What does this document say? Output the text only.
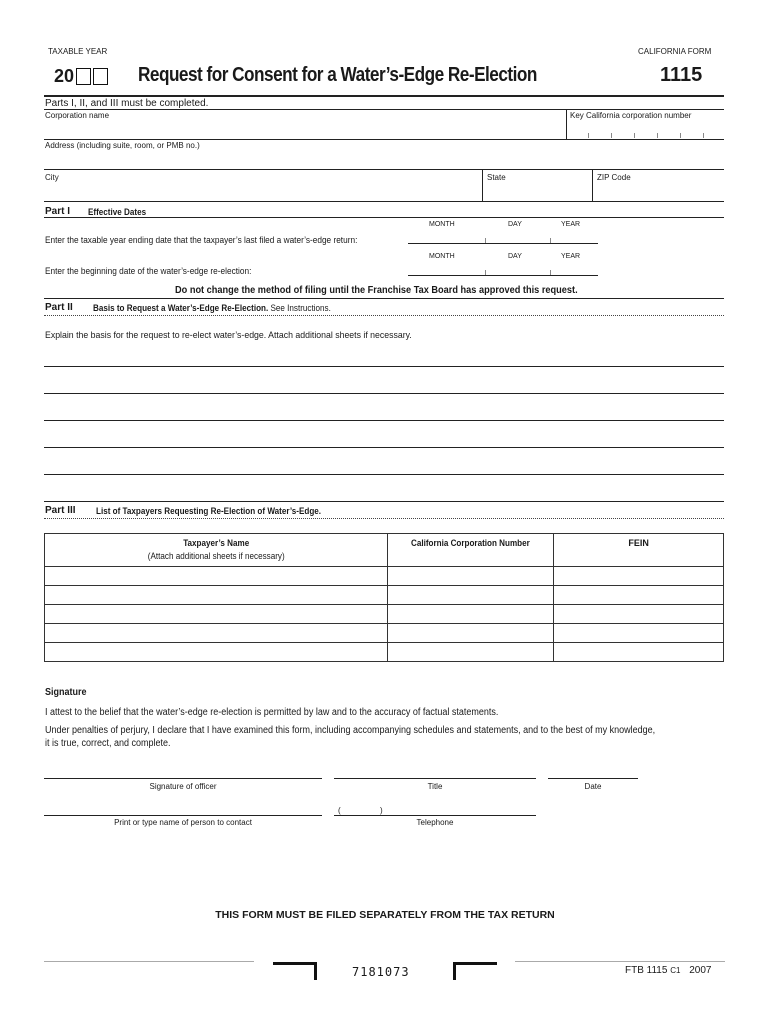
TAXABLE YEAR	CALIFORNIA FORM
20	Request for Consent for a Water’s-Edge Re-Election	1115
Parts I, II, and III must be completed.
Corporation name	Key California corporation number
Address (including suite, room, or PMB no.)
City	State	ZIP Code
Part I Effective Dates
MONTH	DAY	YEAR
Enter the taxable year ending date that the taxpayer’s last filed a water’s-edge return:
MONTH	DAY	YEAR
Enter the beginning date of the water’s-edge re-election:
Do not change the method of filing until the Franchise Tax Board has approved this request.
Part II Basis to Request a Water’s-Edge Re-Election. See Instructions.
Explain the basis for the request to re-elect water’s-edge. Attach additional sheets if necessary.
Part III List of Taxpayers Requesting Re-Election of Water’s-Edge.
Taxpayer’s Name
(Attach additional sheets if necessary)	California Corporation Number	FEIN

Signature
I attest to the belief that the water’s-edge re-election is permitted by law and to the accuracy of factual statements.
Under penalties of perjury, I declare that I have examined this form, including accompanying schedules and statements, and to the best of my knowledge,
it is true, correct, and complete.
Signature of officer	Title	Date
Print or type name of person to contact
(	)
Telephone
THIS FORM MUST BE FILED SEPARATELY FROM THE TAX RETURN
7181073	FTB 1115 C1 2007
